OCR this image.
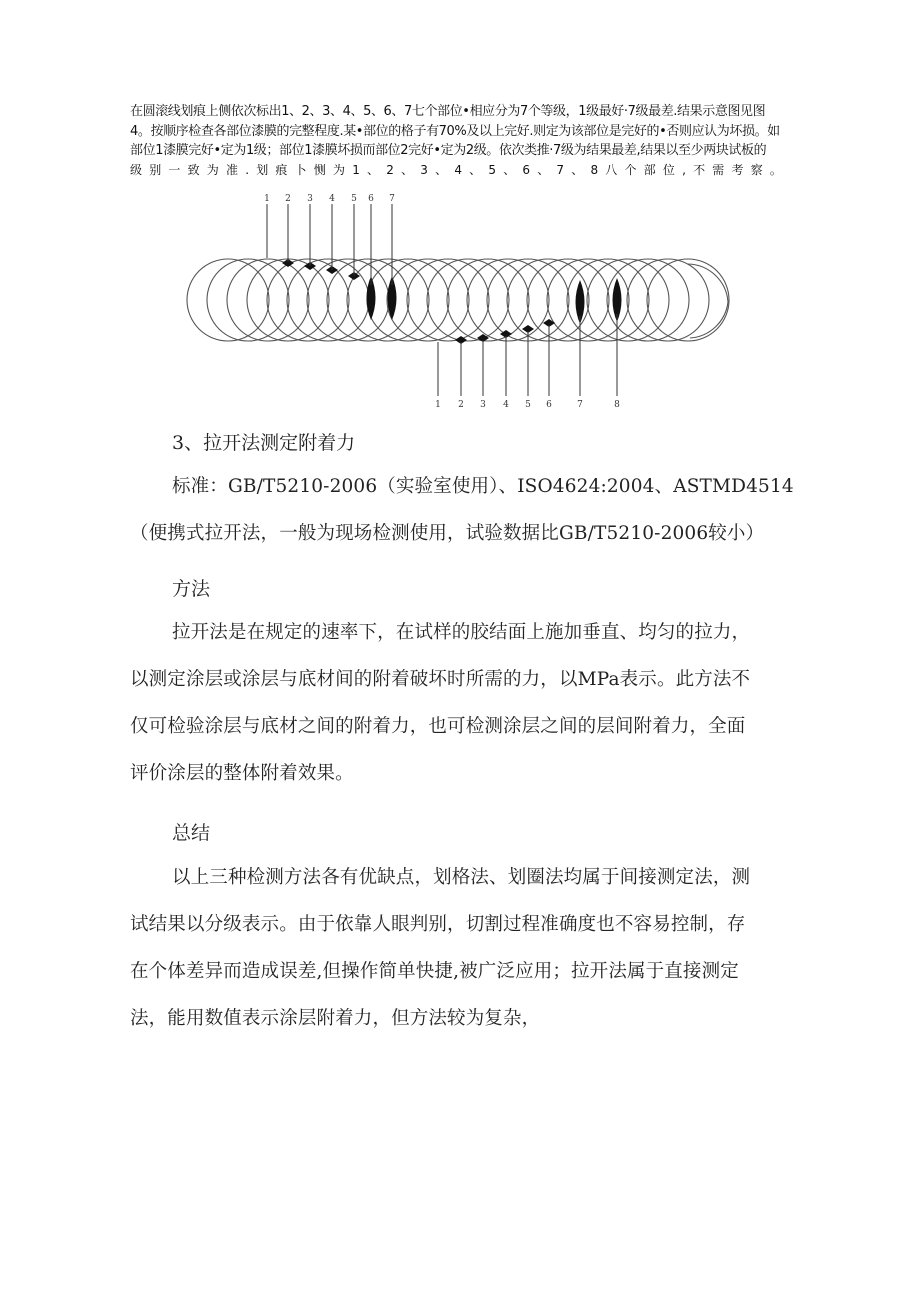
在圆滚线划痕上侧依次标出1、2、3、4、5、6、7七个部位•相应分为7个等级，1级最好·7级最差.结果示意图见图

4。按顺序检查各部位漆膜的完整程度.某•部位的格子有70%及以上完好.则定为该部位是完好的•否则应认为坏损。如

部位1漆膜完好•定为1级；部位1漆膜坏损而部位2完好•定为2级。依次类推·7级为结果最差,结果以至少两块试板的

级别一致为准.划痕卜恻为1、2、3、4、5、6、7、8八个部位,不需考察。

1 2 3 4 5 6 7
1 2 3 4 5 6	7	8
3、拉开法测定附着力
标准：GB/T5210-2006（实验室使用）、ISO4624:2004、ASTMD4514
（便携式拉开法，一般为现场检测使用，试验数据比GB/T5210-2006较小）
方法
拉开法是在规定的速率下，在试样的胶结面上施加垂直、均匀的拉力，
以测定涂层或涂层与底材间的附着破坏时所需的力，以MPa表示。此方法不
仅可检验涂层与底材之间的附着力，也可检测涂层之间的层间附着力，全面
评价涂层的整体附着效果。
总结
以上三种检测方法各有优缺点，划格法、划圈法均属于间接测定法，测
试结果以分级表示。由于依靠人眼判别，切割过程准确度也不容易控制，存
在个体差异而造成误差,但操作简单快捷,被广泛应用；拉开法属于直接测定
法，能用数值表示涂层附着力，但方法较为复杂，
